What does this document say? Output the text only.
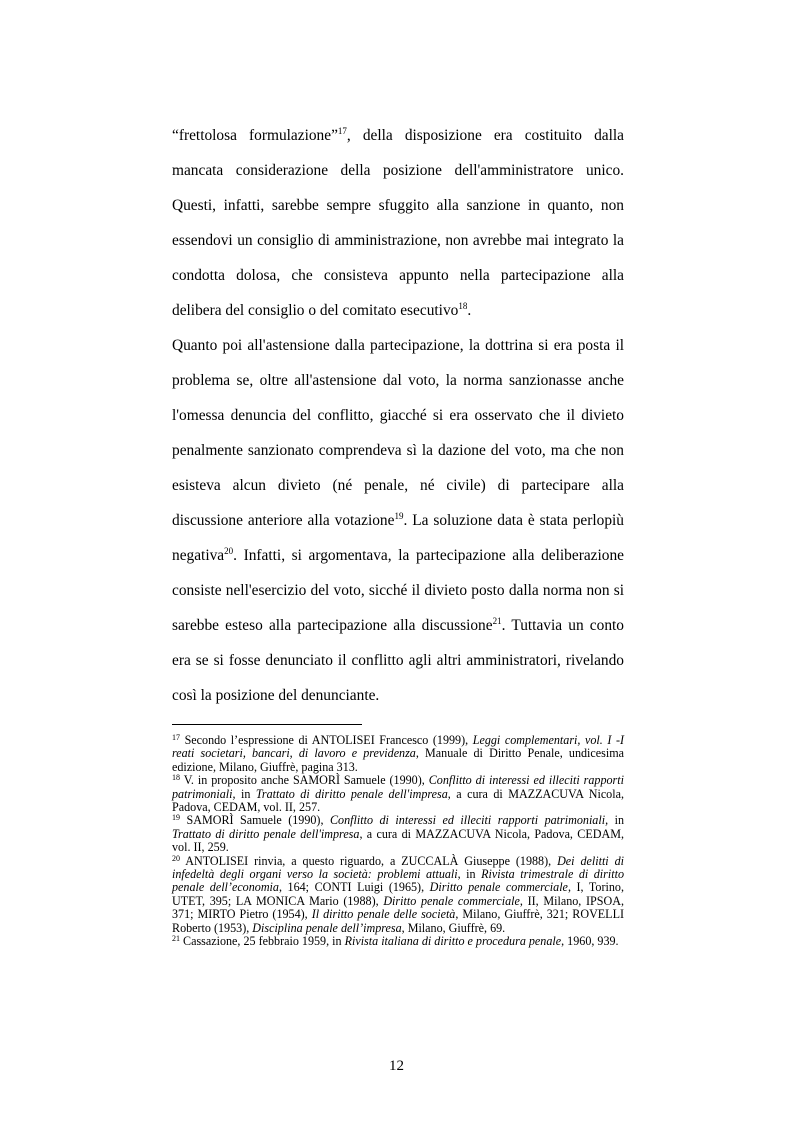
“frettolosa formulazione”$^{17}$, della disposizione era costituito dalla mancata considerazione della posizione dell'amministratore unico. Questi, infatti, sarebbe sempre sfuggito alla sanzione in quanto, non essendovi un consiglio di amministrazione, non avrebbe mai integrato la condotta dolosa, che consisteva appunto nella partecipazione alla delibera del consiglio o del comitato esecutivo$^{18}$.

Quanto poi all'astensione dalla partecipazione, la dottrina si era posta il problema se, oltre all'astensione dal voto, la norma sanzionasse anche l'omessa denuncia del conflitto, giacché si era osservato che il divieto penalmente sanzionato comprendeva sì la dazione del voto, ma che non esisteva alcun divieto (né penale, né civile) di partecipare alla discussione anteriore alla votazione$^{19}$. La soluzione data è stata perlopiù negativa$^{20}$. Infatti, si argomentava, la partecipazione alla deliberazione consiste nell'esercizio del voto, sicché il divieto posto dalla norma non si sarebbe esteso alla partecipazione alla discussione$^{21}$. Tuttavia un conto era se si fosse denunciato il conflitto agli altri amministratori, rivelando così la posizione del denunciante.

$^{17}$ Secondo l’espressione di ANTOLISEI Francesco (1999), Leggi complementari, vol. I -I reati societari, bancari, di lavoro e previdenza, Manuale di Diritto Penale, undicesima edizione, Milano, Giuffrè, pagina 313.

$^{18}$ V. in proposito anche SAMORÌ Samuele (1990), Conflitto di interessi ed illeciti rapporti patrimoniali, in Trattato di diritto penale dell'impresa, a cura di MAZZACUVA Nicola, Padova, CEDAM, vol. II, 257.

$^{19}$ SAMORÌ Samuele (1990), Conflitto di interessi ed illeciti rapporti patrimoniali, in Trattato di diritto penale dell'impresa, a cura di MAZZACUVA Nicola, Padova, CEDAM, vol. II, 259.

$^{20}$ ANTOLISEI rinvia, a questo riguardo, a ZUCCALÀ Giuseppe (1988), Dei delitti di infedeltà degli organi verso la società: problemi attuali, in Rivista trimestrale di diritto penale dell’economia, 164; CONTI Luigi (1965), Diritto penale commerciale, I, Torino, UTET, 395; LA MONICA Mario (1988), Diritto penale commerciale, II, Milano, IPSOA, 371; MIRTO Pietro (1954), Il diritto penale delle società, Milano, Giuffrè, 321; ROVELLI Roberto (1953), Disciplina penale dell’impresa, Milano, Giuffrè, 69.

$^{21}$ Cassazione, 25 febbraio 1959, in Rivista italiana di diritto e procedura penale, 1960, 939.

12
